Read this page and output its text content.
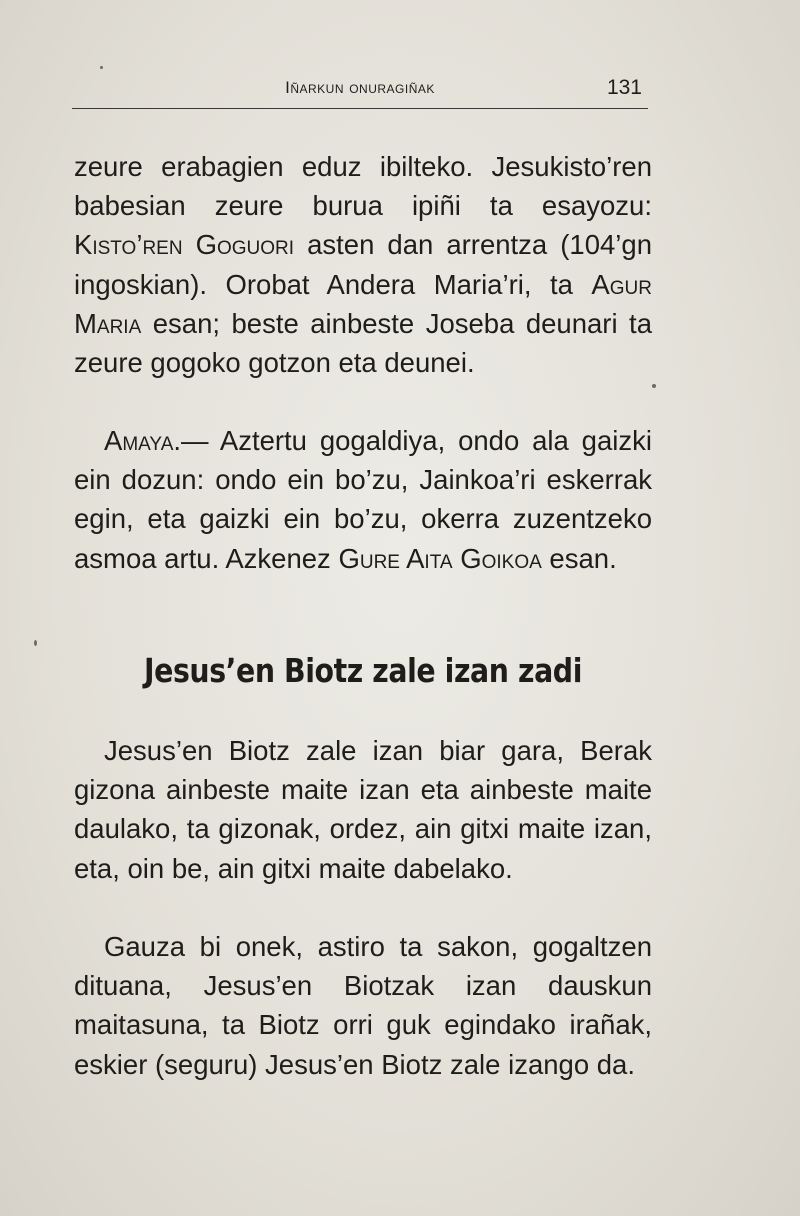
Iñarkun onuragiñak	131

zeure erabagien eduz ibilteko. Jesukisto’ren babesian zeure burua ipiñi ta esayozu: Kisto’ren Goguori asten dan arrentza (104’gn ingoskian). Orobat Andera Maria’ri, ta Agur Maria esan; beste ainbeste Joseba deunari ta zeure gogoko gotzon eta deunei.

Amaya.— Aztertu gogaldiya, ondo ala gaizki ein dozun: ondo ein bo’zu, Jainkoa’ri eskerrak egin, eta gaizki ein bo’zu, okerra zuzentzeko asmoa artu. Azkenez Gure Aita Goikoa esan.

Jesus’en Biotz zale izan zadi

Jesus’en Biotz zale izan biar gara, Berak gizona ainbeste maite izan eta ainbeste maite daulako, ta gizonak, ordez, ain gitxi maite izan, eta, oin be, ain gitxi maite dabelako.

Gauza bi onek, astiro ta sakon, gogaltzen dituana, Jesus’en Biotzak izan dauskun maitasuna, ta Biotz orri guk egindako irañak, eskier (seguru) Jesus’en Biotz zale izango da.
